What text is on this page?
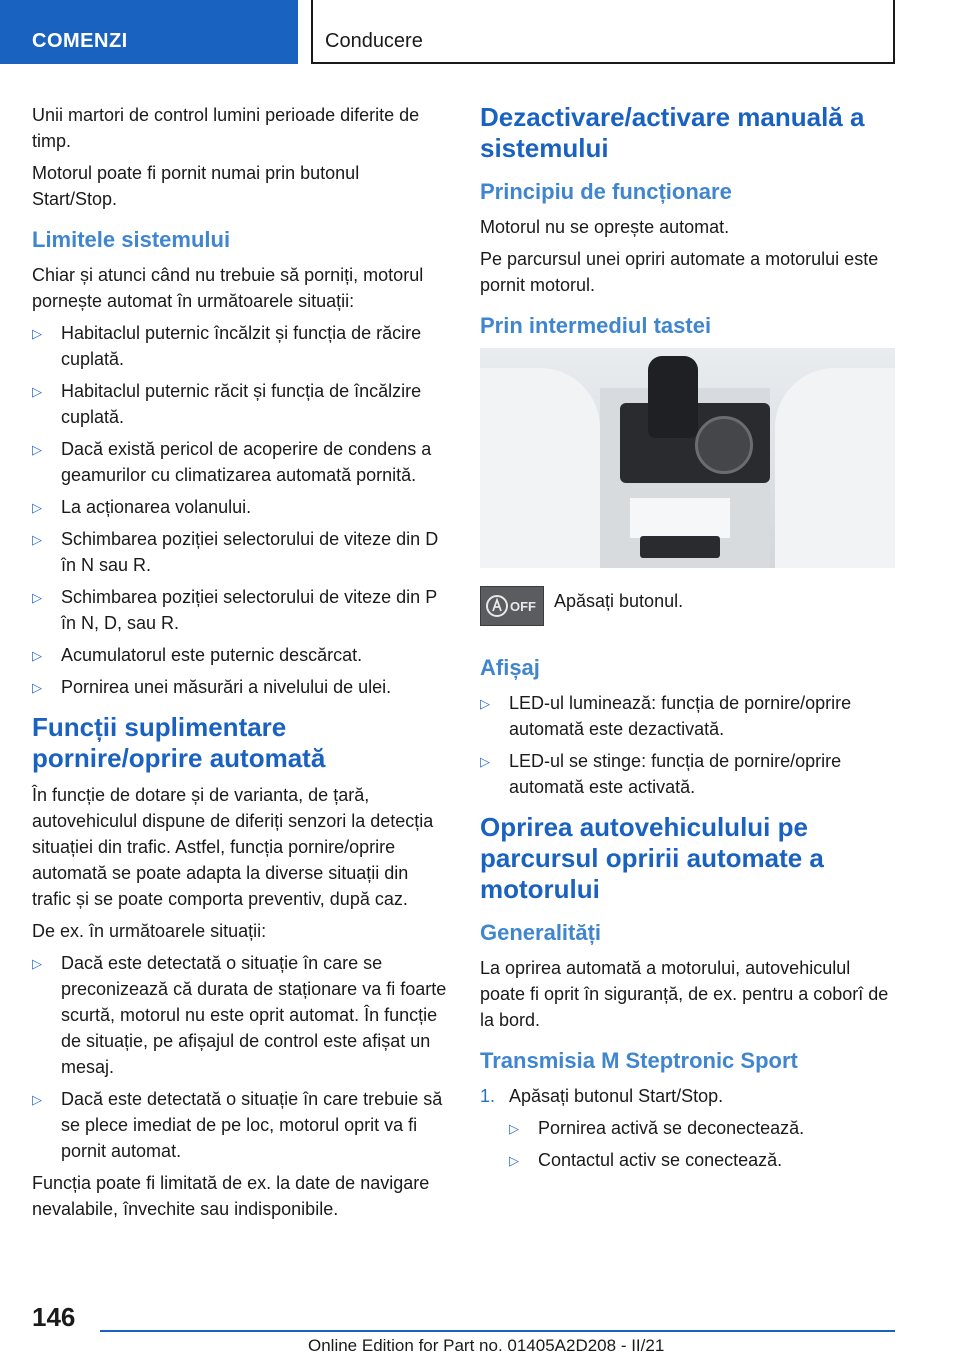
COMENZI	Conducere

Unii martori de control lumini perioade diferite de timp.

Motorul poate fi pornit numai prin butonul Start/Stop.

Limitele sistemului

Chiar și atunci când nu trebuie să porniți, motorul pornește automat în următoarele situații:

▷ Habitaclul puternic încălzit și funcția de răcire cuplată.
▷ Habitaclul puternic răcit și funcția de încălzire cuplată.
▷ Dacă există pericol de acoperire de condens a geamurilor cu climatizarea automată pornită.
▷ La acționarea volanului.
▷ Schimbarea poziției selectorului de viteze din D în N sau R.
▷ Schimbarea poziției selectorului de viteze din P în N, D, sau R.
▷ Acumulatorul este puternic descărcat.
▷ Pornirea unei măsurări a nivelului de ulei.
Funcții suplimentare pornire/oprire automată

În funcție de dotare și de varianta, de țară, autovehiculul dispune de diferiți senzori la detecția situației din trafic. Astfel, funcția pornire/oprire automată se poate adapta la diverse situații din trafic și se poate comporta preventiv, după caz.

De ex. în următoarele situații:

▷ Dacă este detectată o situație în care se preconizează că durata de staționare va fi foarte scurtă, motorul nu este oprit automat. În funcție de situație, pe afișajul de control este afișat un mesaj.
▷ Dacă este detectată o situație în care trebuie să se plece imediat de pe loc, motorul oprit va fi pornit automat.

Funcția poate fi limitată de ex. la date de navigare nevalabile, învechite sau indisponibile.

Dezactivare/activare manuală a sistemului
Principiu de funcționare

Motorul nu se oprește automat.

Pe parcursul unei opriri automate a motorului este pornit motorul.

Prin intermediul tastei
OFF Apăsați butonul.

Afișaj
▷ LED-ul luminează: funcția de pornire/oprire automată este dezactivată.
▷ LED-ul se stinge: funcția de pornire/oprire automată este activată.
Oprirea autovehiculului pe parcursul opririi automate a motorului
Generalități

La oprirea automată a motorului, autovehiculul poate fi oprit în siguranță, de ex. pentru a coborî de la bord.

Transmisia M Steptronic Sport
1. Apăsați butonul Start/Stop.
▷ Pornirea activă se deconectează.
▷ Contactul activ se conectează.
146
Online Edition for Part no. 01405A2D208 - II/21
